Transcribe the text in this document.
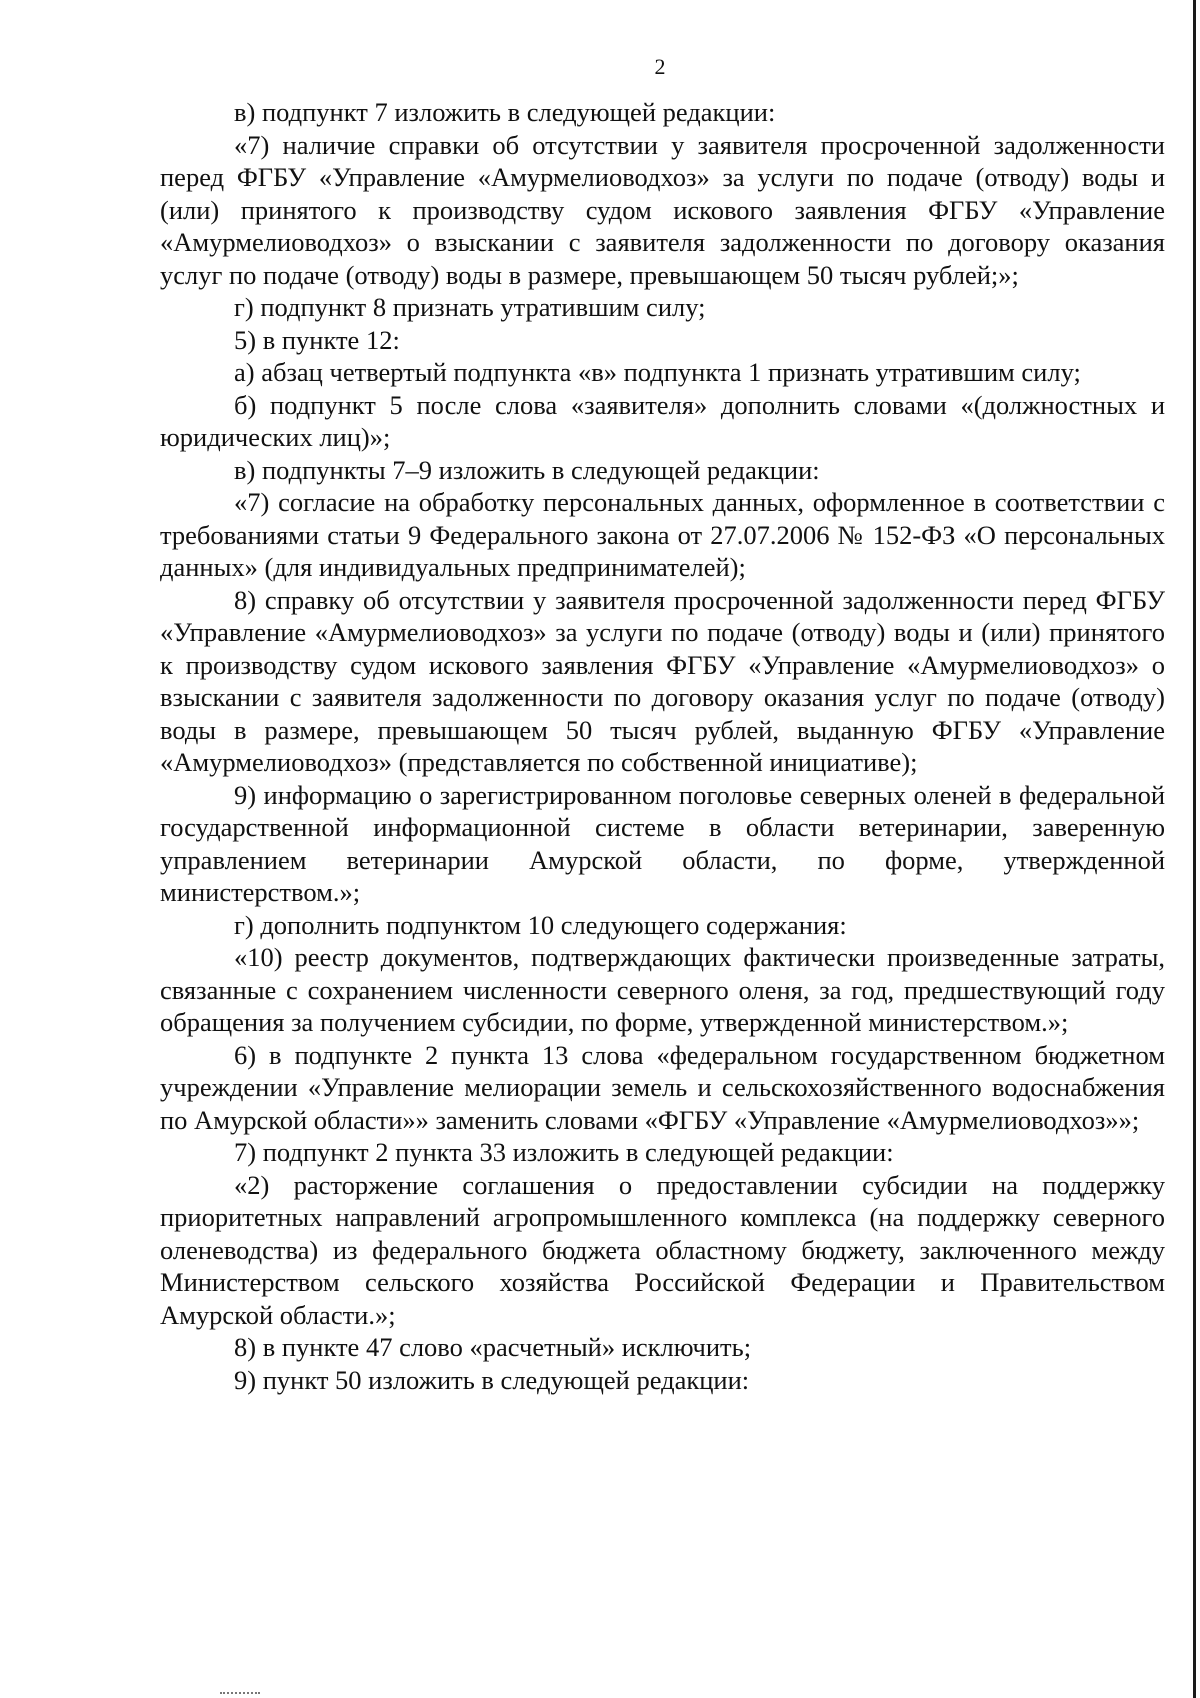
2

в) подпункт 7 изложить в следующей редакции:

«7) наличие справки об отсутствии у заявителя просроченной задолженности перед ФГБУ «Управление «Амурмелиоводхоз» за услуги по подаче (отводу) воды и (или) принятого к производству судом искового заявления ФГБУ «Управление «Амурмелиоводхоз» о взыскании с заявителя задолженности по договору оказания услуг по подаче (отводу) воды в размере, превышающем 50 тысяч рублей;»;

г) подпункт 8 признать утратившим силу;

5) в пункте 12:

а) абзац четвертый подпункта «в» подпункта 1 признать утратившим силу;

б) подпункт 5 после слова «заявителя» дополнить словами «(должностных и юридических лиц)»;

в) подпункты 7–9 изложить в следующей редакции:

«7) согласие на обработку персональных данных, оформленное в соответствии с требованиями статьи 9 Федерального закона от 27.07.2006 № 152-ФЗ «О персональных данных» (для индивидуальных предпринимателей);

8) справку об отсутствии у заявителя просроченной задолженности перед ФГБУ «Управление «Амурмелиоводхоз» за услуги по подаче (отводу) воды и (или) принятого к производству судом искового заявления ФГБУ «Управление «Амурмелиоводхоз» о взыскании с заявителя задолженности по договору оказания услуг по подаче (отводу) воды в размере, превышающем 50 тысяч рублей, выданную ФГБУ «Управление «Амурмелиоводхоз» (представляется по собственной инициативе);

9) информацию о зарегистрированном поголовье северных оленей в федеральной государственной информационной системе в области ветеринарии, заверенную управлением ветеринарии Амурской области, по форме, утвержденной министерством.»;

г) дополнить подпунктом 10 следующего содержания:

«10) реестр документов, подтверждающих фактически произведенные затраты, связанные с сохранением численности северного оленя, за год, предшествующий году обращения за получением субсидии, по форме, утвержденной министерством.»;

6) в подпункте 2 пункта 13 слова «федеральном государственном бюджетном учреждении «Управление мелиорации земель и сельскохозяйственного водоснабжения по Амурской области»» заменить словами «ФГБУ «Управление «Амурмелиоводхоз»»;

7) подпункт 2 пункта 33 изложить в следующей редакции:

«2) расторжение соглашения о предоставлении субсидии на поддержку приоритетных направлений агропромышленного комплекса (на поддержку северного оленеводства) из федерального бюджета областному бюджету, заключенного между Министерством сельского хозяйства Российской Федерации и Правительством Амурской области.»;

8) в пункте 47 слово «расчетный» исключить;

9) пункт 50 изложить в следующей редакции:
